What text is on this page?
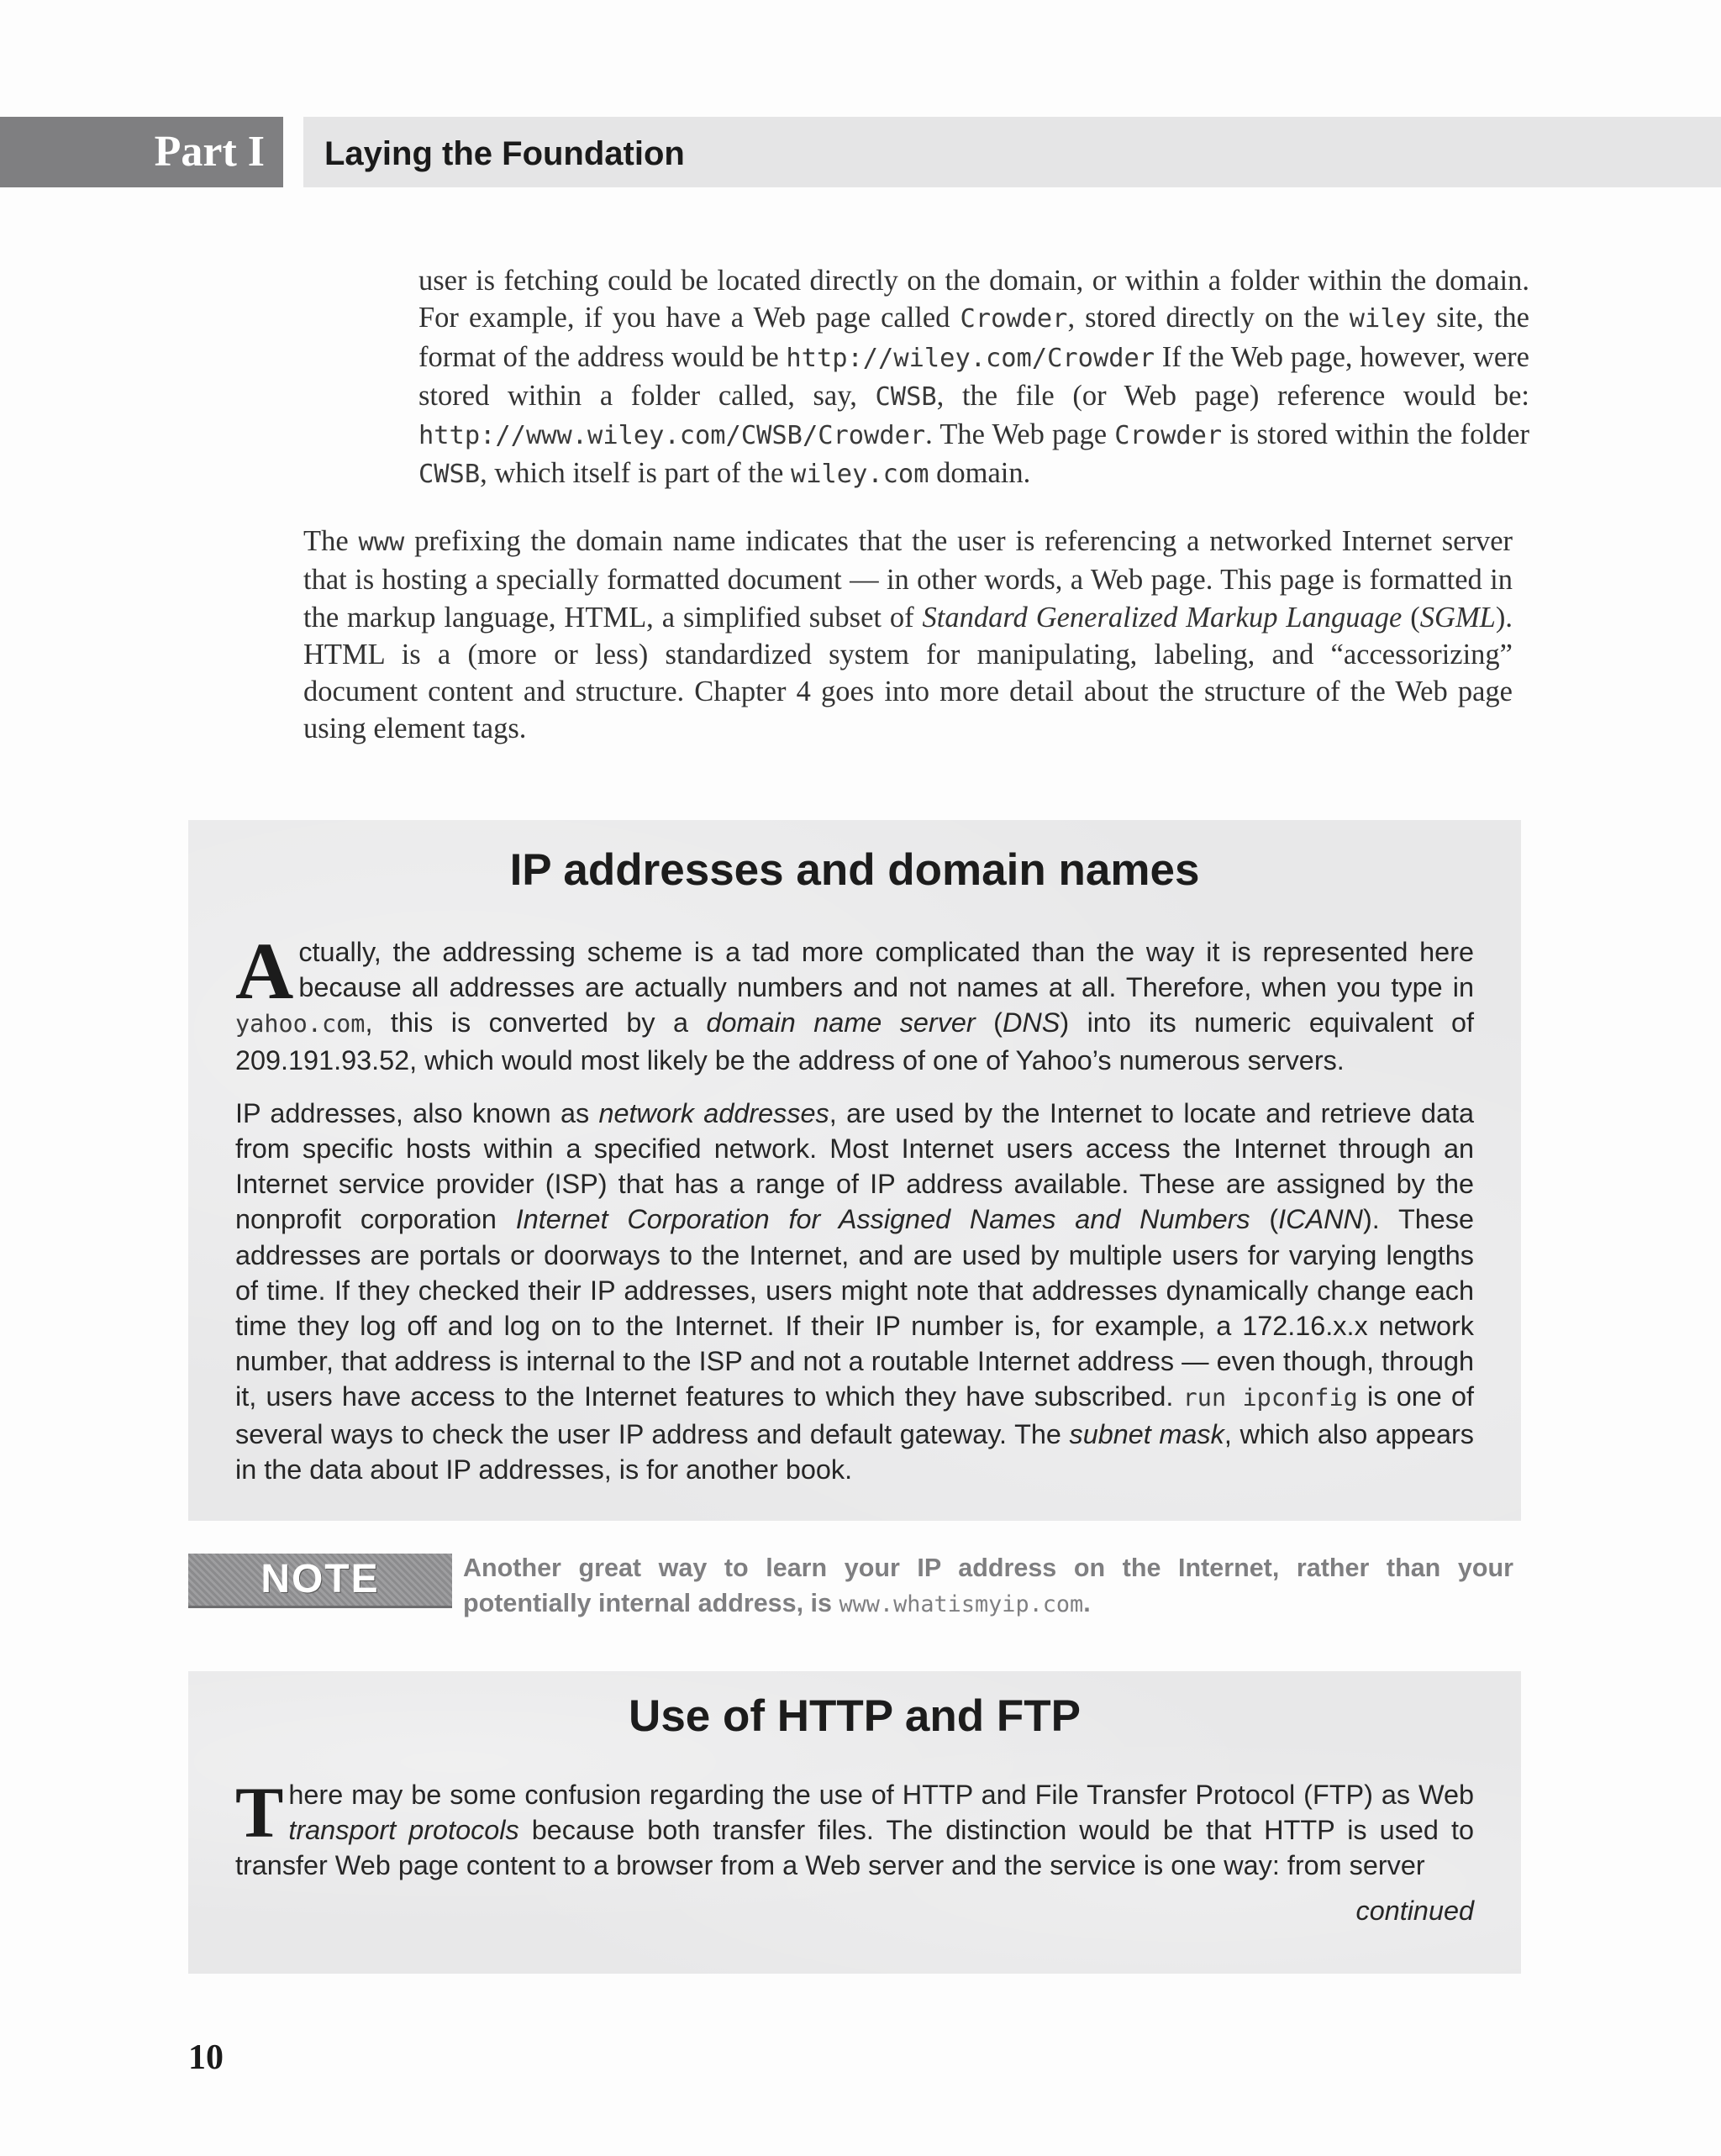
Part I	Laying the Foundation
user is fetching could be located directly on the domain, or within a folder within the domain. For example, if you have a Web page called Crowder, stored directly on the wiley site, the format of the address would be http://wiley.com/Crowder If the Web page, however, were stored within a folder called, say, CWSB, the file (or Web page) reference would be: http://www.wiley.com/CWSB/Crowder. The Web page Crowder is stored within the folder CWSB, which itself is part of the wiley.com domain.
The www prefixing the domain name indicates that the user is referencing a networked Internet server that is hosting a specially formatted document — in other words, a Web page. This page is formatted in the markup language, HTML, a simplified subset of Standard Generalized Markup Language (SGML). HTML is a (more or less) standardized system for manipulating, labeling, and “accessorizing” document content and structure. Chapter 4 goes into more detail about the structure of the Web page using element tags.
IP addresses and domain names

Actually, the addressing scheme is a tad more complicated than the way it is represented here because all addresses are actually numbers and not names at all. Therefore, when you type in yahoo.com, this is converted by a domain name server (DNS) into its numeric equivalent of 209.191.93.52, which would most likely be the address of one of Yahoo’s numerous servers.

IP addresses, also known as network addresses, are used by the Internet to locate and retrieve data from specific hosts within a specified network. Most Internet users access the Internet through an Internet service provider (ISP) that has a range of IP address available. These are assigned by the nonprofit corporation Internet Corporation for Assigned Names and Numbers (ICANN). These addresses are portals or doorways to the Internet, and are used by multiple users for varying lengths of time. If they checked their IP addresses, users might note that addresses dynamically change each time they log off and log on to the Internet. If their IP number is, for example, a 172.16.x.x network number, that address is internal to the ISP and not a routable Internet address — even though, through it, users have access to the Internet features to which they have subscribed. run ipconfig is one of several ways to check the user IP address and default gateway. The subnet mask, which also appears in the data about IP addresses, is for another book.

NOTE	Another great way to learn your IP address on the Internet, rather than your potentially internal address, is www.whatismyip.com.
Use of HTTP and FTP

There may be some confusion regarding the use of HTTP and File Transfer Protocol (FTP) as Web transport protocols because both transfer files. The distinction would be that HTTP is used to transfer Web page content to a browser from a Web server and the service is one way: from server

continued
10
